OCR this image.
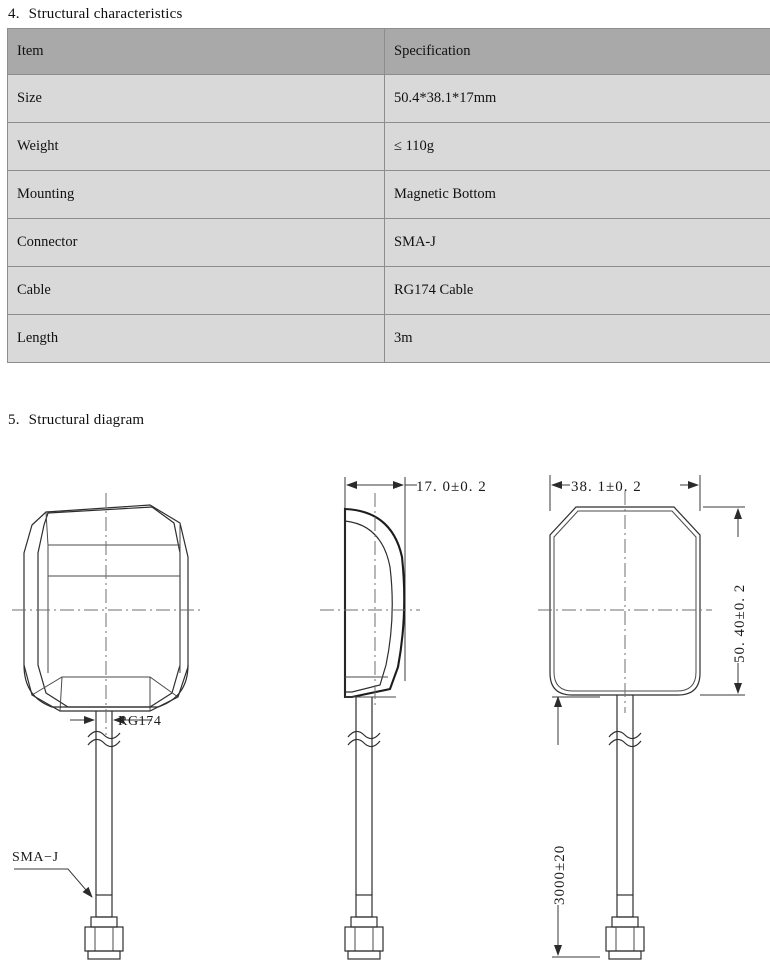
4. Structural characteristics
Item	Specification
Size	50.4*38.1*17mm
Weight	≤ 110g
Mounting	Magnetic Bottom
Connector	SMA-J
Cable	RG174 Cable
Length	3m
5. Structural diagram
RG174
SMA−J
17. 0±0. 2	38. 1±0. 2
50. 40±0. 2
3000±20
